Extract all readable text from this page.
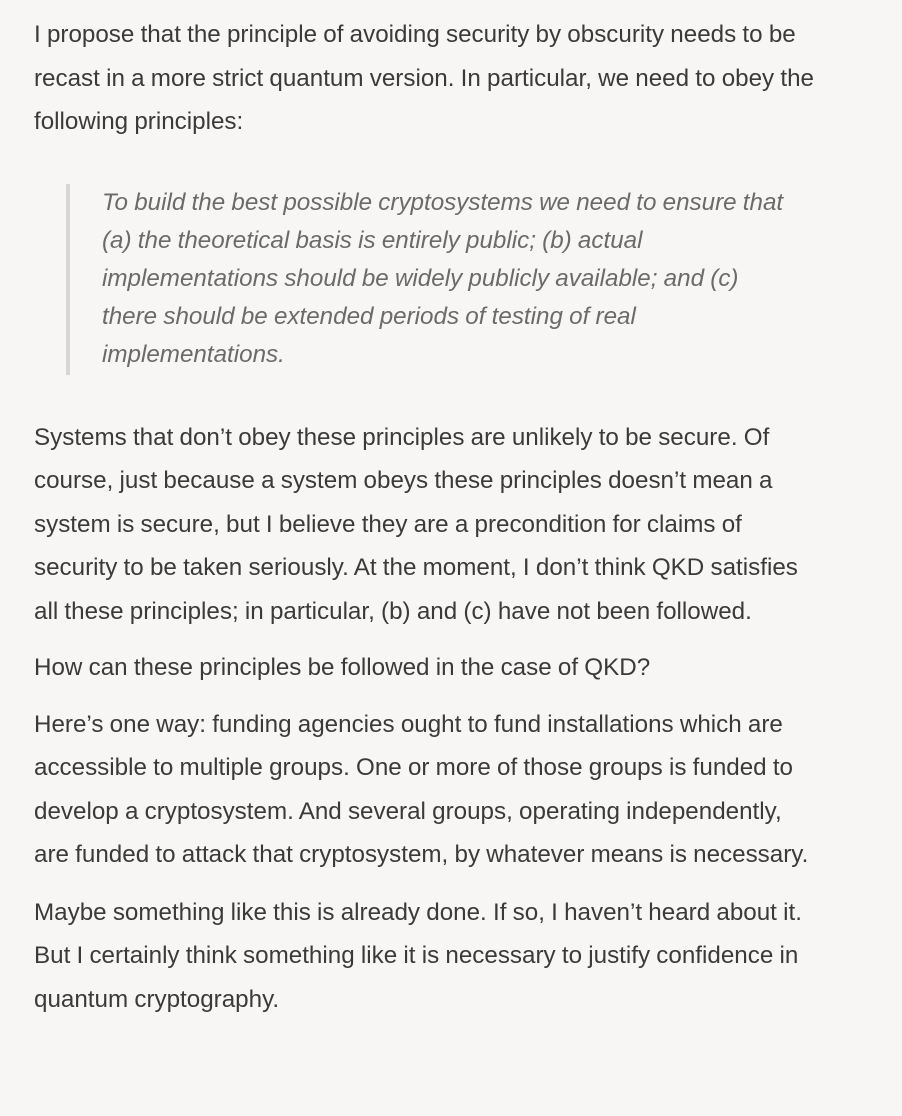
I propose that the principle of avoiding security by obscurity needs to be recast in a more strict quantum version. In particular, we need to obey the following principles:

To build the best possible cryptosystems we need to ensure that (a) the theoretical basis is entirely public; (b) actual implementations should be widely publicly available; and (c) there should be extended periods of testing of real implementations.

Systems that don’t obey these principles are unlikely to be secure. Of course, just because a system obeys these principles doesn’t mean a system is secure, but I believe they are a precondition for claims of security to be taken seriously. At the moment, I don’t think QKD satisfies all these principles; in particular, (b) and (c) have not been followed.

How can these principles be followed in the case of QKD?

Here’s one way: funding agencies ought to fund installations which are accessible to multiple groups. One or more of those groups is funded to develop a cryptosystem. And several groups, operating independently, are funded to attack that cryptosystem, by whatever means is necessary.

Maybe something like this is already done. If so, I haven’t heard about it. But I certainly think something like it is necessary to justify confidence in quantum cryptography.
